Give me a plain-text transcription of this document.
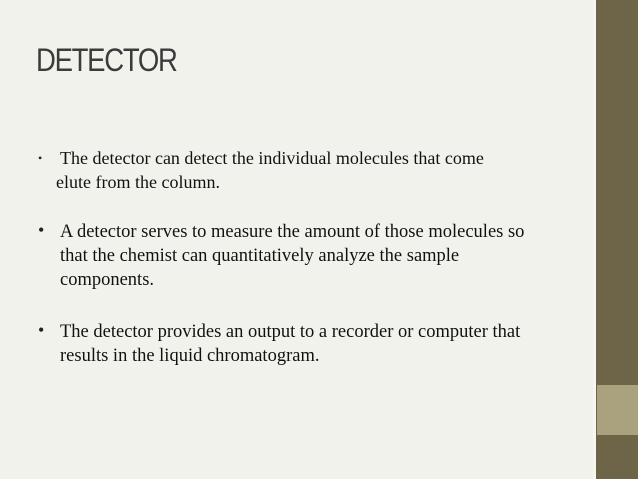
DETECTOR
• The detector can detect the individual molecules that come
elute from the column.
• A detector serves to measure the amount of those molecules so
that the chemist can quantitatively analyze the sample
components.
• The detector provides an output to a recorder or computer that
results in the liquid chromatogram.
